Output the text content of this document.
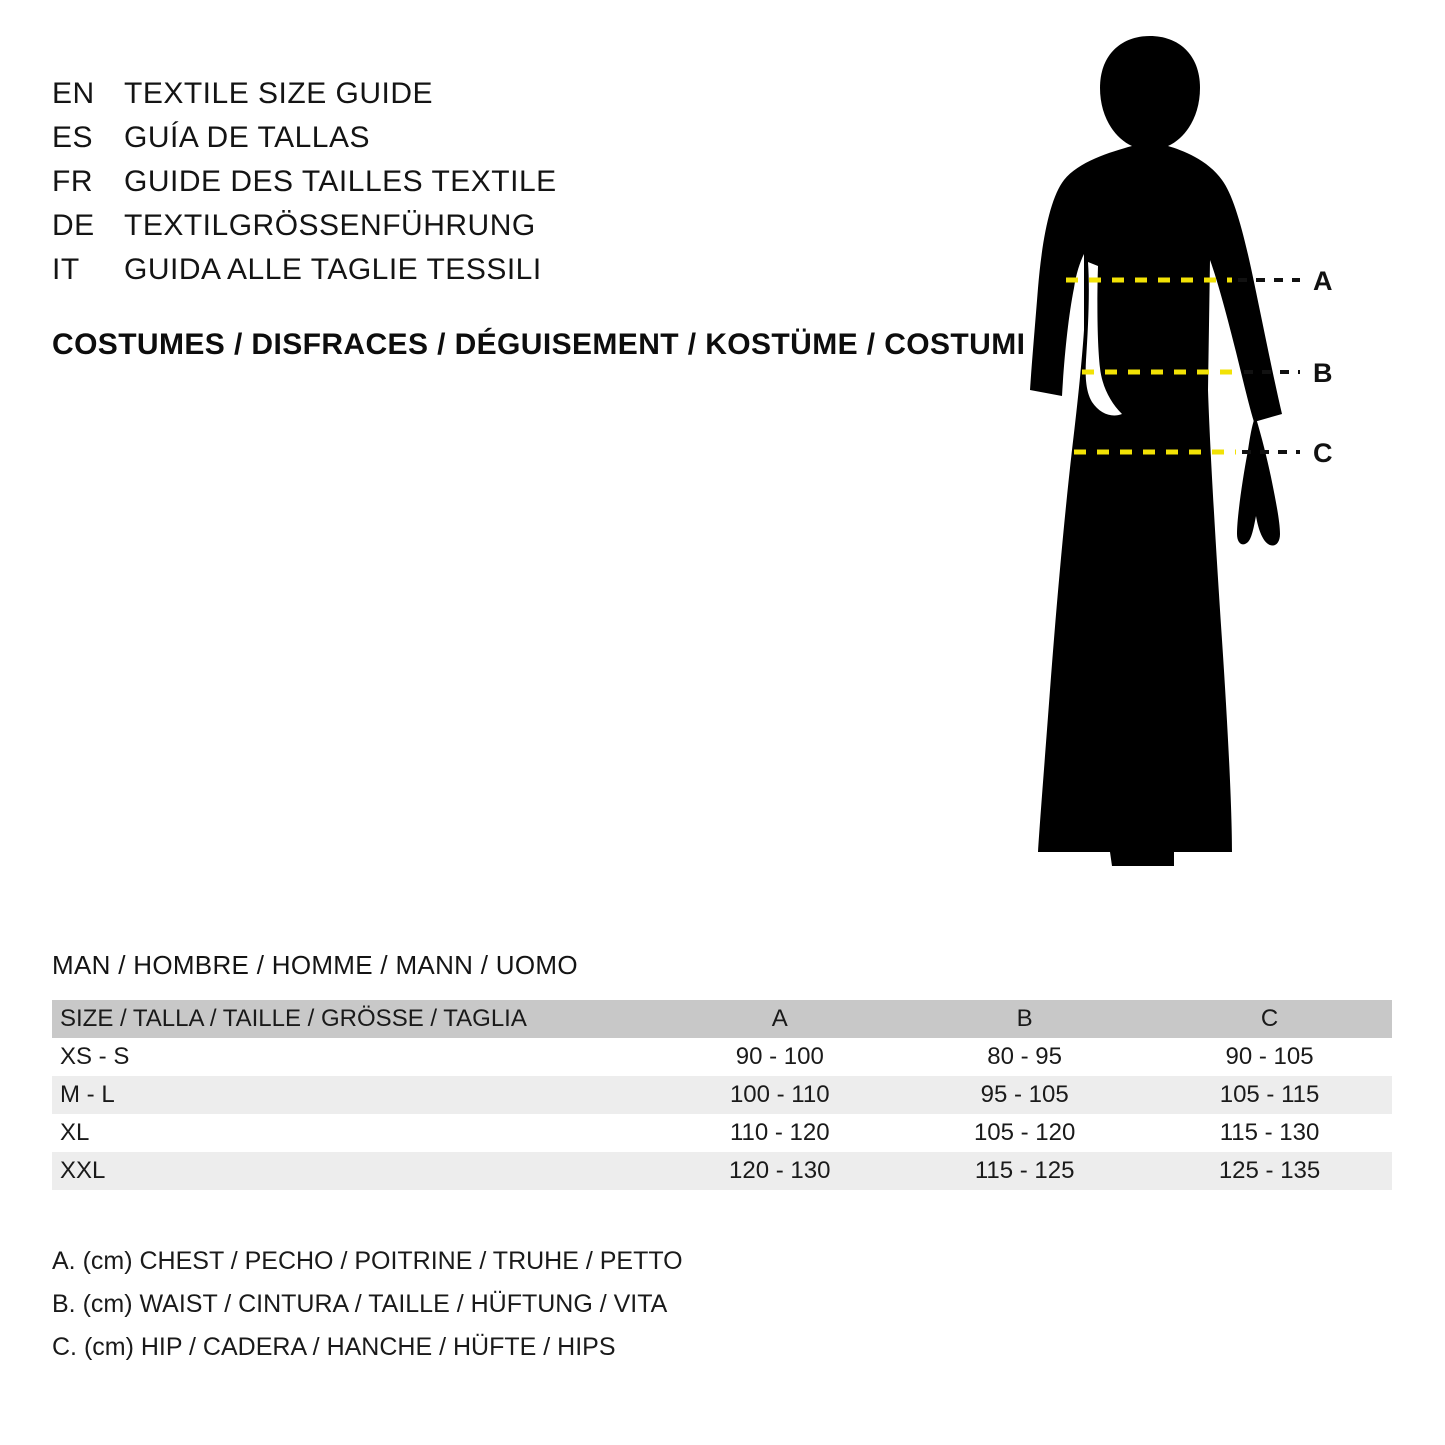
EN TEXTILE SIZE GUIDE
ES	GUÍA DE TALLAS
FR	GUIDE DES TAILLES TEXTILE
DE TEXTILGRÖSSENFÜHRUNG
IT	GUIDA ALLE TAGLIE TESSILI
COSTUMES / DISFRACES / DÉGUISEMENT / KOSTÜME / COSTUMI
A
B
C
MAN / HOMBRE / HOMME / MANN / UOMO
SIZE / TALLA / TAILLE / GRÖSSE / TAGLIA	A	B	C
XS - S	90 - 100	80 - 95	90 - 105
M - L	100 - 110	95 - 105	105 - 115
XL	110 - 120	105 - 120	115 - 130
XXL	120 - 130	115 - 125	125 - 135
A. (cm) CHEST / PECHO / POITRINE / TRUHE / PETTO
B. (cm) WAIST / CINTURA / TAILLE / HÜFTUNG / VITA
C. (cm) HIP / CADERA / HANCHE / HÜFTE / HIPS
